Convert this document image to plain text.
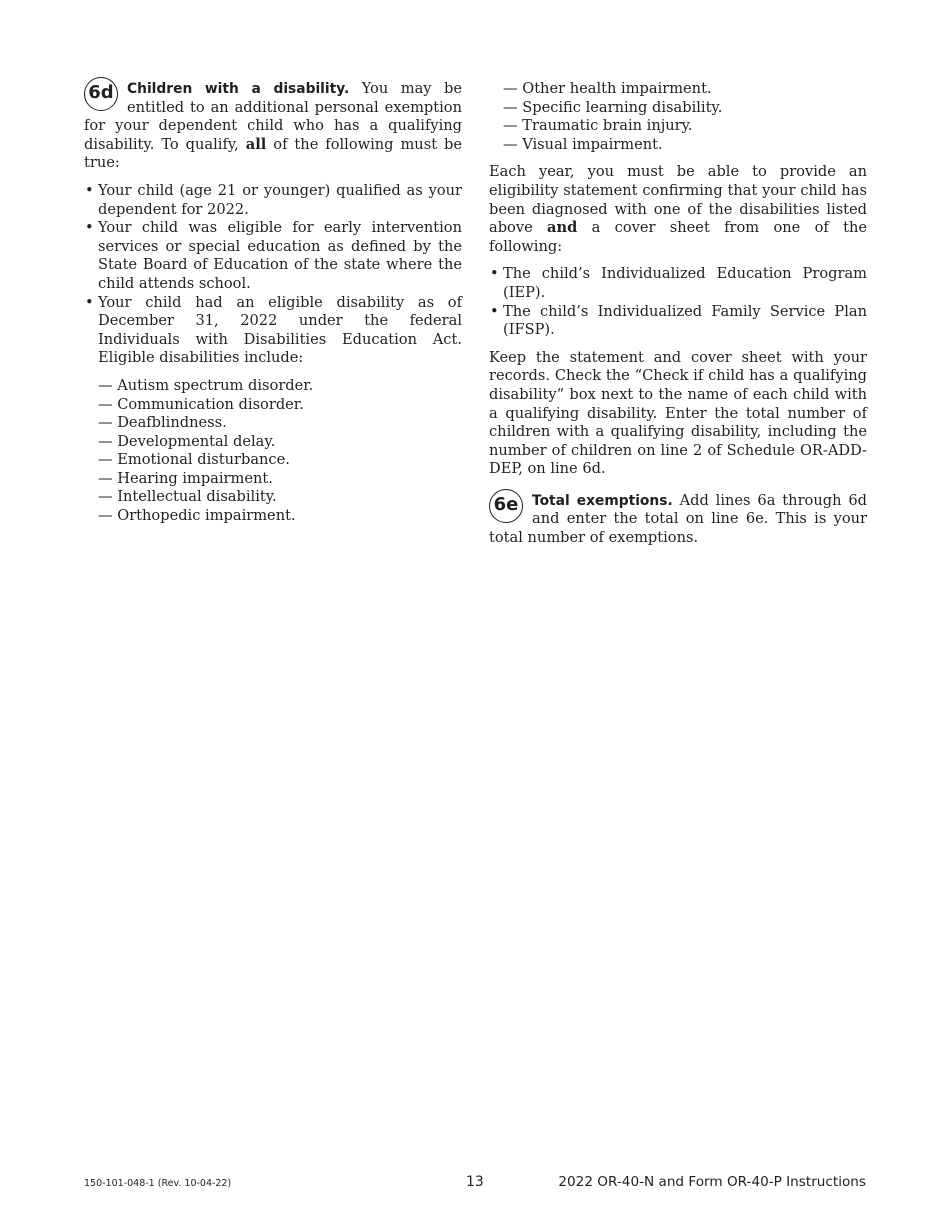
6d Children with a disability. You may be entitled to an additional personal exemption for your dependent child who has a qualifying disability. To qualify, all of the following must be true:

• Your child (age 21 or younger) qualified as your dependent for 2022.
• Your child was eligible for early intervention services or special education as defined by the State Board of Education of the state where the child attends school.
• Your child had an eligible disability as of December 31, 2022 under the federal Individuals with Disabilities Education Act. Eligible disabilities include:
— Autism spectrum disorder.
— Communication disorder.
— Deafblindness.
— Developmental delay.
— Emotional disturbance.
— Hearing impairment.
— Intellectual disability.
— Orthopedic impairment.
— Other health impairment.
— Specific learning disability.
— Traumatic brain injury.
— Visual impairment.

Each year, you must be able to provide an eligibility statement confirming that your child has been diagnosed with one of the disabilities listed above and a cover sheet from one of the following:

• The child’s Individualized Education Program (IEP).
• The child’s Individualized Family Service Plan (IFSP).

Keep the statement and cover sheet with your records. Check the “Check if child has a qualifying disability“ box next to the name of each child with a qualifying disability. Enter the total number of children with a qualifying disability, including the number of children on line 2 of Schedule OR-ADD-DEP, on line 6d.

6e Total exemptions. Add lines 6a through 6d and enter the total on line 6e. This is your total number of exemptions.

150-101-048-1 (Rev. 10-04-22)	13	2022 OR-40-N and Form OR-40-P Instructions
